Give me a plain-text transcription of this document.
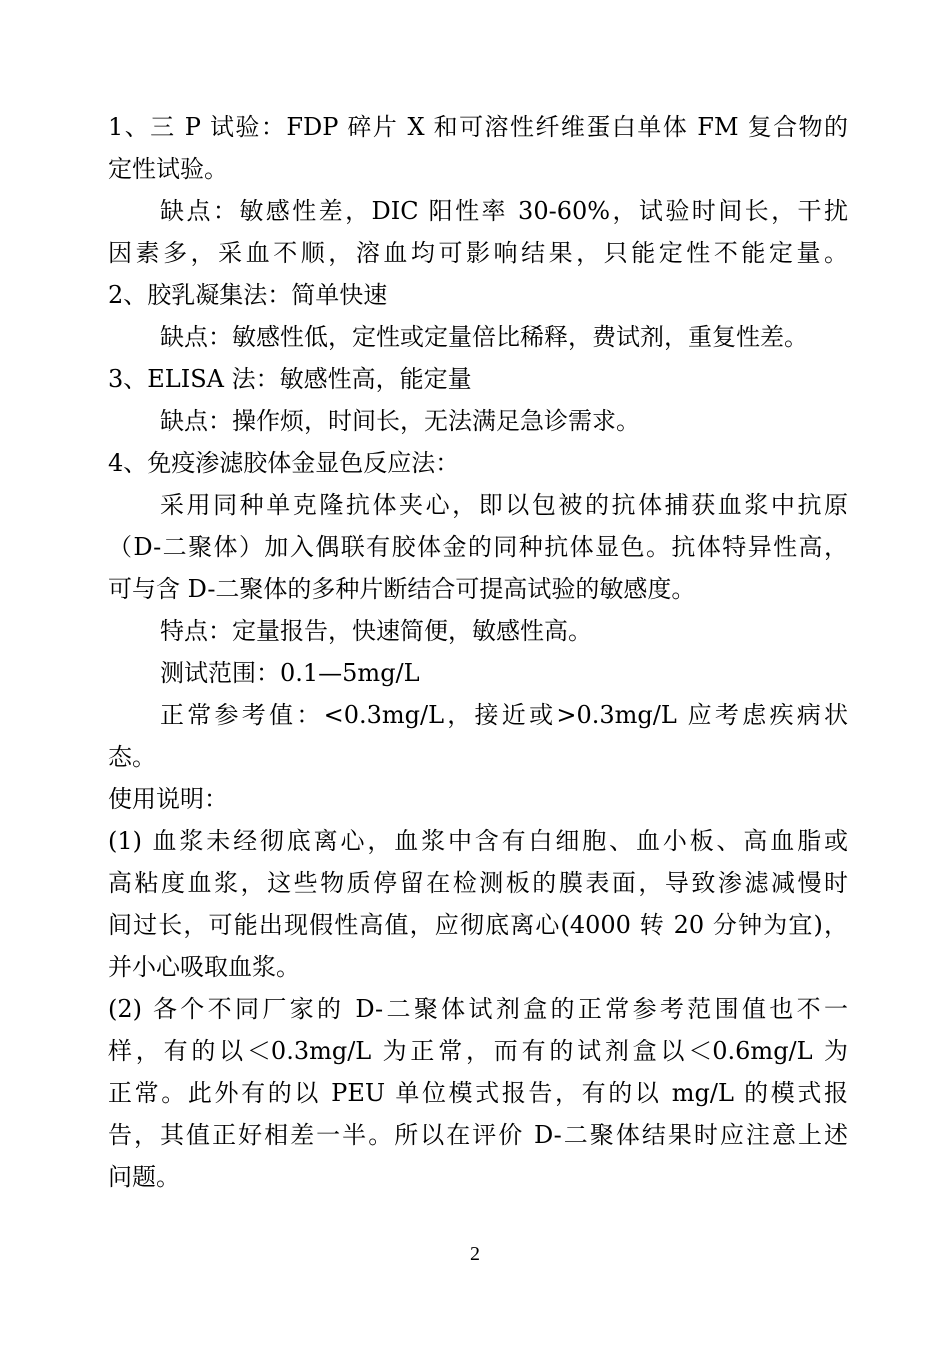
1、三 P 试验：FDP 碎片 X 和可溶性纤维蛋白单体 FM 复合物的
定性试验。
缺点：敏感性差，DIC 阳性率 30-60%，试验时间长，干扰
因素多，采血不顺，溶血均可影响结果，只能定性不能定量。
2、胶乳凝集法：简单快速
缺点：敏感性低，定性或定量倍比稀释，费试剂，重复性差。
3、ELISA 法：敏感性高，能定量
缺点：操作烦，时间长，无法满足急诊需求。
4、免疫渗滤胶体金显色反应法：
采用同种单克隆抗体夹心，即以包被的抗体捕获血浆中抗原
（D-二聚体）加入偶联有胶体金的同种抗体显色。抗体特异性高，
可与含 D-二聚体的多种片断结合可提高试验的敏感度。
特点：定量报告，快速简便，敏感性高。
测试范围：0.1—5mg/L
正常参考值：<0.3mg/L，接近或>0.3mg/L 应考虑疾病状
态。
使用说明：
(1) 血浆未经彻底离心，血浆中含有白细胞、血小板、高血脂或
高粘度血浆，这些物质停留在检测板的膜表面，导致渗滤减慢时
间过长，可能出现假性高值，应彻底离心(4000 转 20 分钟为宜)，
并小心吸取血浆。
(2) 各个不同厂家的 D-二聚体试剂盒的正常参考范围值也不一
样，有的以＜0.3mg/L 为正常，而有的试剂盒以＜0.6mg/L 为
正常。此外有的以 PEU 单位模式报告，有的以 mg/L 的模式报
告，其值正好相差一半。所以在评价 D-二聚体结果时应注意上述
问题。
2
